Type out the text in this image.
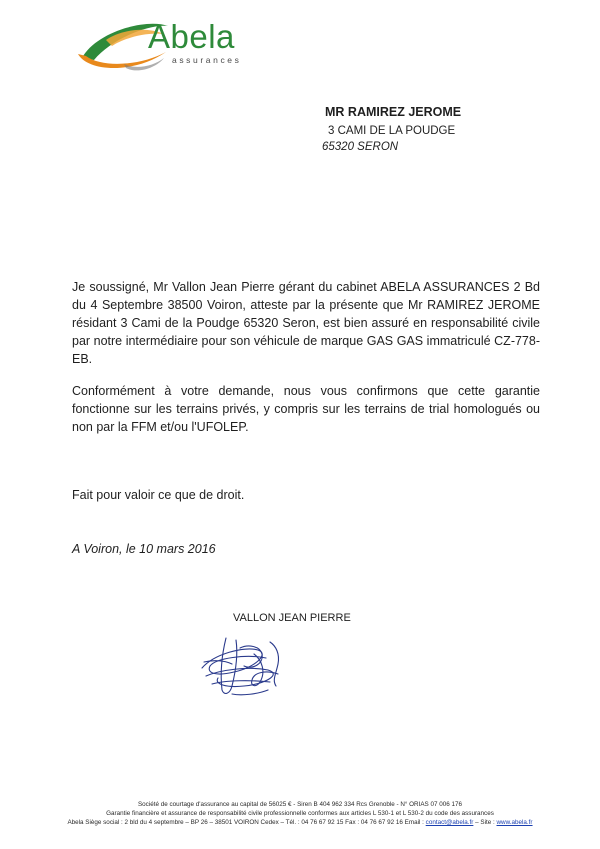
Abela
assurances
MR RAMIREZ JEROME
3 CAMI DE LA POUDGE
65320 SERON

Je soussigné, Mr Vallon Jean Pierre gérant du cabinet ABELA ASSURANCES 2 Bd du 4 Septembre 38500 Voiron, atteste par la présente que Mr RAMIREZ JEROME résidant 3 Cami de la Poudge 65320 Seron, est bien assuré en responsabilité civile par notre intermédiaire pour son véhicule de marque GAS GAS immatriculé CZ-778-EB.

Conformément à votre demande, nous vous confirmons que cette garantie fonctionne sur les terrains privés, y compris sur les terrains de trial homologués ou non par la FFM et/ou l'UFOLEP.

Fait pour valoir ce que de droit.

A Voiron, le 10 mars 2016
VALLON JEAN PIERRE
Société de courtage d'assurance au capital de 56025 € - Siren B 404 962 334 Rcs Grenoble - N° ORIAS 07 006 176
Garantie financière et assurance de responsabilité civile professionnelle conformes aux articles L 530-1 et L 530-2 du code des assurances
Abela Siège social : 2 bld du 4 septembre – BP 26 – 38501 VOIRON Cedex – Tél. : 04 76 67 92 15 Fax : 04 76 67 92 16 Email : contact@abela.fr – Site : www.abela.fr
